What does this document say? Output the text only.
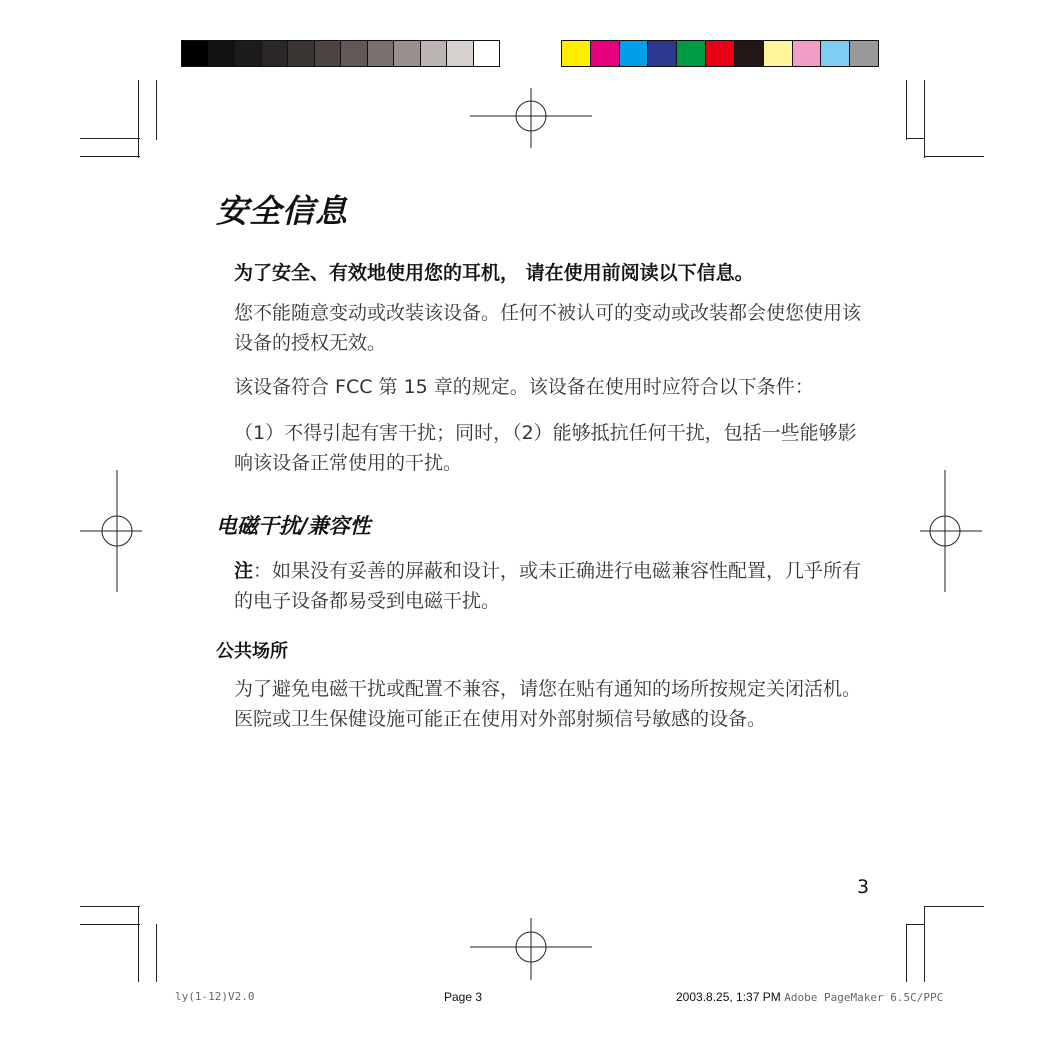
安全信息
为了安全、有效地使用您的耳机， 请在使用前阅读以下信息。
您不能随意变动或改装该设备。任何不被认可的变动或改装都会使您使用该设备的授权无效。
该设备符合 FCC 第 15 章的规定。该设备在使用时应符合以下条件：
（1）不得引起有害干扰；同时，（2）能够抵抗任何干扰，包括一些能够影响该设备正常使用的干扰。
电磁干扰/兼容性
注：如果没有妥善的屏蔽和设计，或未正确进行电磁兼容性配置，几乎所有的电子设备都易受到电磁干扰。
公共场所
为了避免电磁干扰或配置不兼容，请您在贴有通知的场所按规定关闭活机。医院或卫生保健设施可能正在使用对外部射频信号敏感的设备。
3
ly(1-12)V2.0	Page 3	2003.8.25, 1:37 PM Adobe PageMaker 6.5C/PPC
